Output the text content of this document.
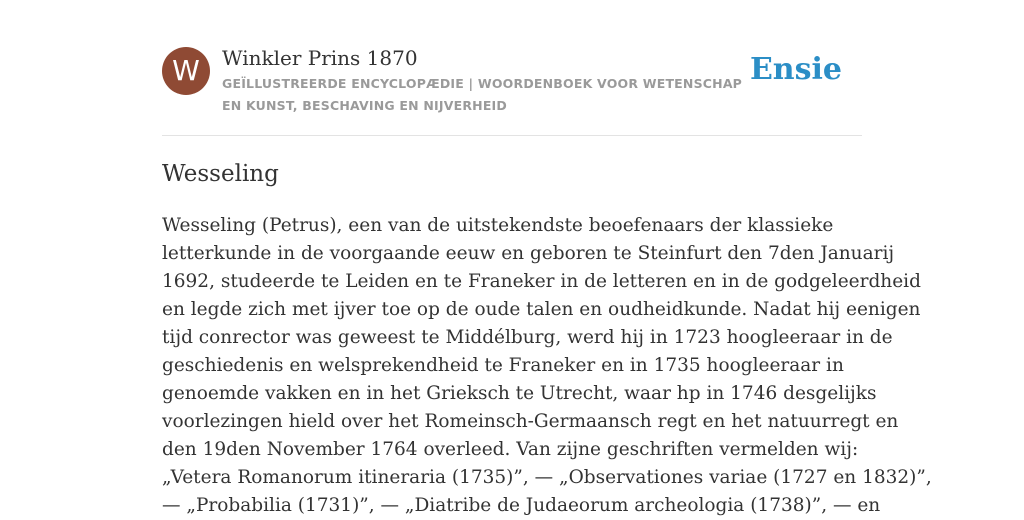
W	Winkler Prins 1870
GEÏLLUSTREERDE ENCYCLOPÆDIE | WOORDENBOEK VOOR WETENSCHAP EN KUNST, BESCHAVING EN NIJVERHEID
Ensie
Wesseling
Wesseling (Petrus), een van de uitstekendste beoefenaars der klassieke
letterkunde in de voorgaande eeuw en geboren te Steinfurt den 7den Januarij
1692, studeerde te Leiden en te Franeker in de letteren en in de godgeleerdheid
en legde zich met ijver toe op de oude talen en oudheidkunde. Nadat hij eenigen
tijd conrector was geweest te Middélburg, werd hij in 1723 hoogleeraar in de
geschiedenis en welsprekendheid te Franeker en in 1735 hoogleeraar in
genoemde vakken en in het Grieksch te Utrecht, waar hp in 1746 desgelijks
voorlezingen hield over het Romeinsch-Germaansch regt en het natuurregt en
den 19den November 1764 overleed. Van zijne geschriften vermelden wij:
„Vetera Romanorum itineraria (1735)”, — „Observationes variae (1727 en 1832)”,
— „Probabilia (1731)”, — „Diatribe de Judaeorum archeologia (1738)”, — en
